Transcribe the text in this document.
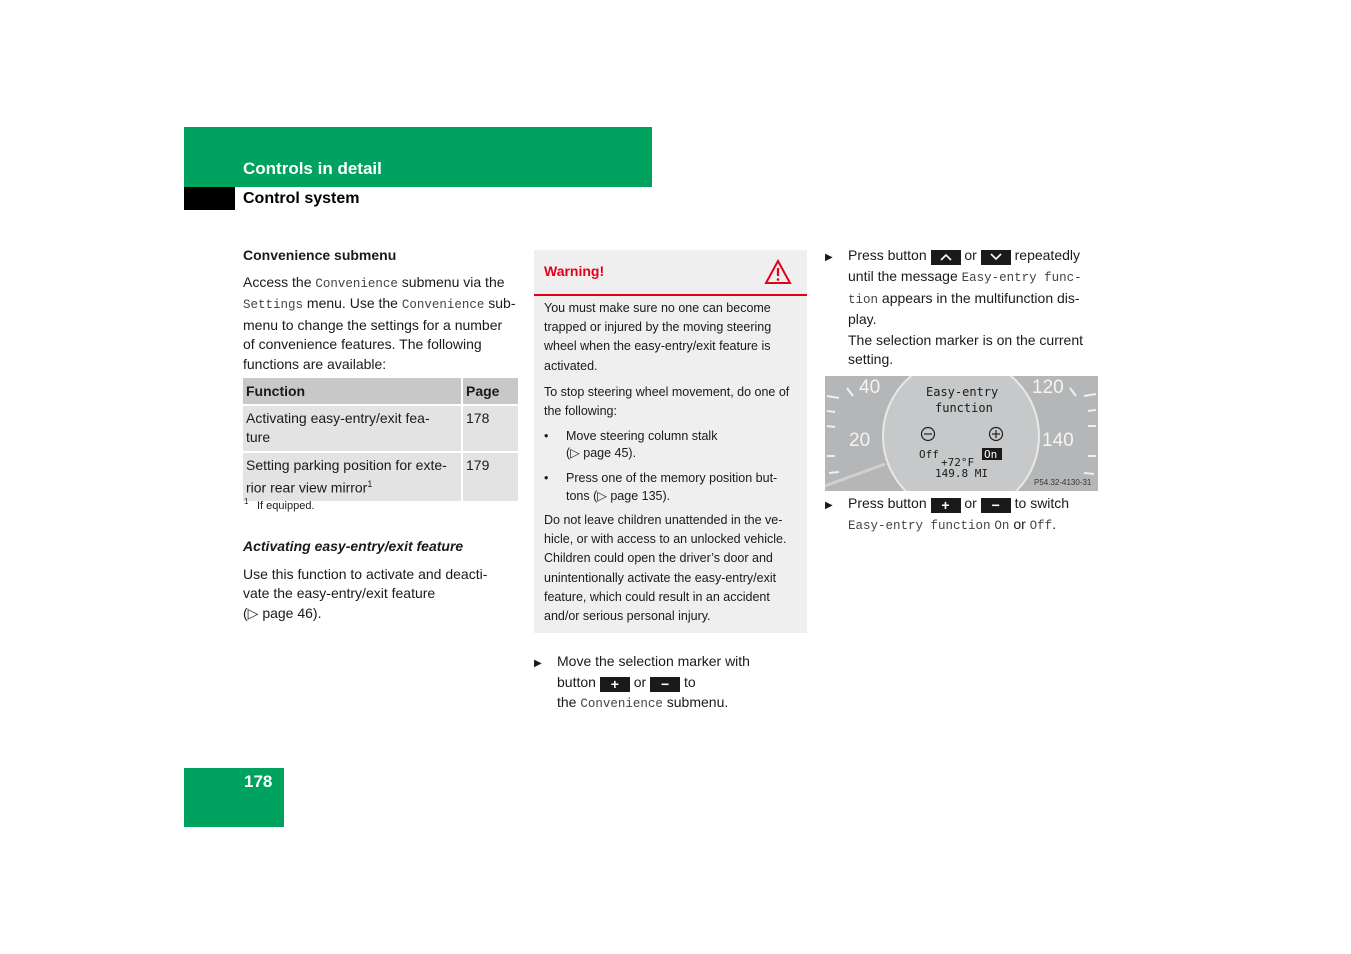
Controls in detail
Control system
Convenience submenu
Access the Convenience submenu via the
Settings menu. Use the Convenience sub-
menu to change the settings for a number
of convenience features. The following
functions are available:
Function	Page
Activating easy-entry/exit fea-
ture	178
Setting parking position for exte-
rior rear view mirror$^1$	179
1 If equipped.
Activating easy-entry/exit feature
Use this function to activate and deacti-
vate the easy-entry/exit feature
(▷ page 46).
Warning!
You must make sure no one can become
trapped or injured by the moving steering
wheel when the easy-entry/exit feature is
activated.
To stop steering wheel movement, do one of
the following:
• Move steering column stalk
(▷ page 45).
• Press one of the memory position but-
tons (▷ page 135).
Do not leave children unattended in the ve-
hicle, or with access to an unlocked vehicle.
Children could open the driver’s door and
unintentionally activate the easy-entry/exit
feature, which could result in an accident
and/or serious personal injury.
▶ Move the selection marker with
button + or − to
the Convenience submenu.
▶ Press button	or	repeatedly
until the message Easy-entry func-
tion appears in the multifunction dis-
play.
The selection marker is on the current
setting.
40
20
120
140
Easy-entry
function
Off	On
+72°F
149.8 MI
P54.32-4130-31
▶ Press button + or − to switch
Easy-entry function On or Off.
178
